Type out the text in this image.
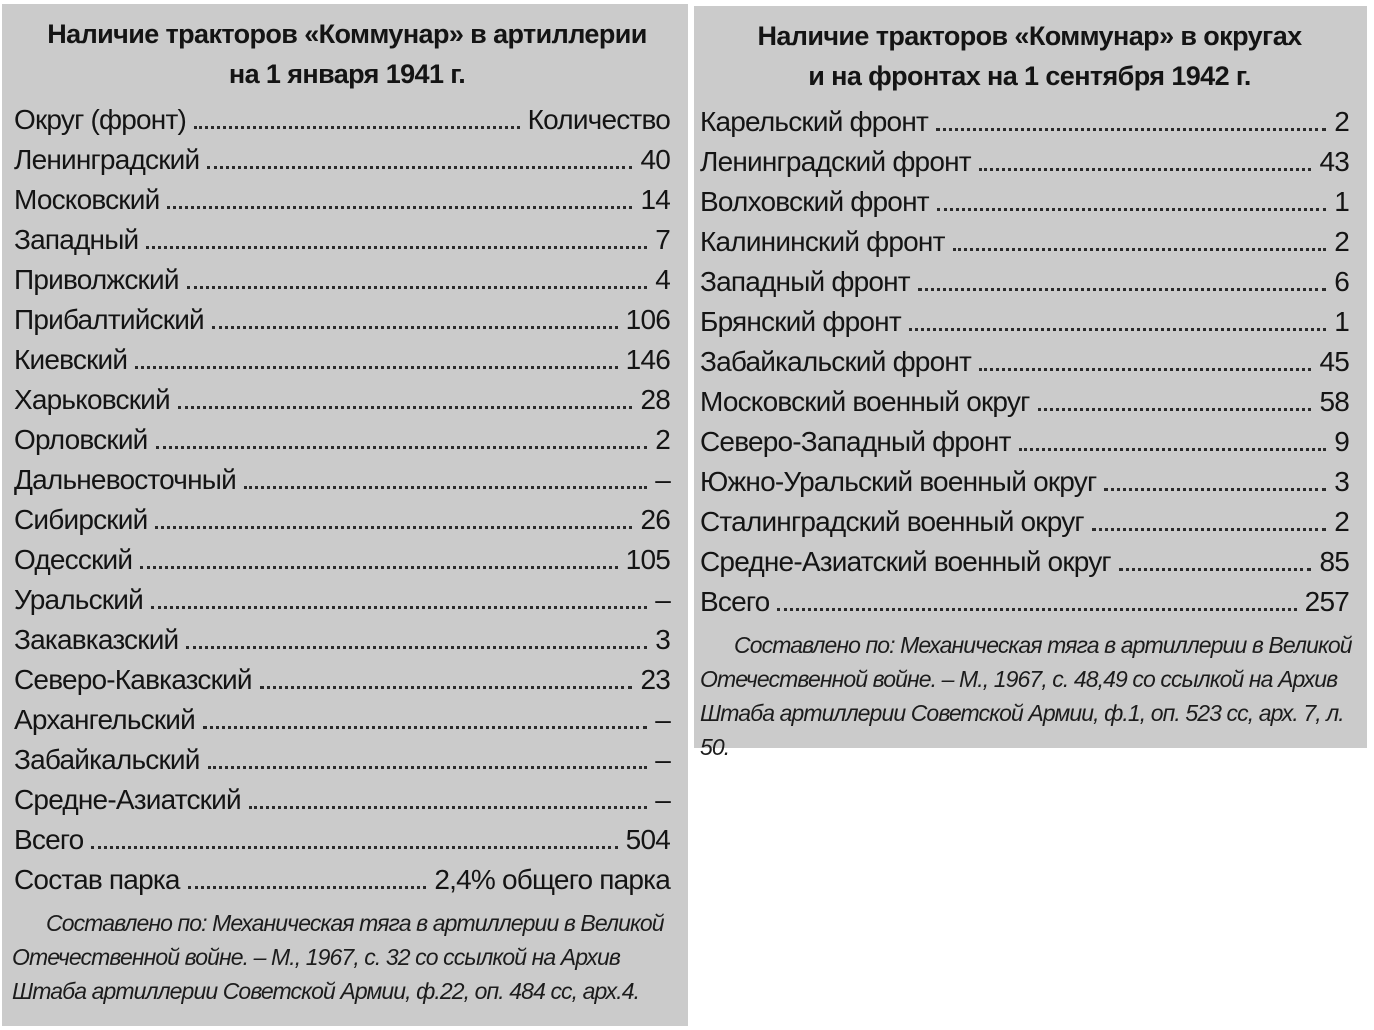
Наличие тракторов «Коммунар» в артиллерии
на 1 января 1941 г.
Округ (фронт)	Количество
Ленинградский	40
Московский	14
Западный	7
Приволжский	4
Прибалтийский	106
Киевский	146
Харьковский	28
Орловский	2
Дальневосточный	–
Сибирский	26
Одесский	105
Уральский	–
Закавказский	3
Северо-Кавказский	23
Архангельский	–
Забайкальский	–
Средне-Азиатский	–
Всего	504
Состав парка	2,4% общего парка
Составлено по: Механическая тяга в артиллерии в Великой Отечественной войне. – М., 1967, с. 32 со ссылкой на Архив Штаба артиллерии Советской Армии, ф.22, оп. 484 сс, арх.4.
Наличие тракторов «Коммунар» в округах
и на фронтах на 1 сентября 1942 г.
Карельский фронт	2
Ленинградский фронт	43
Волховский фронт	1
Калининский фронт	2
Западный фронт	6
Брянский фронт	1
Забайкальский фронт	45
Московский военный округ	58
Северо-Западный фронт	9
Южно-Уральский военный округ	3
Сталинградский военный округ	2
Средне-Азиатский военный округ	85
Всего	257
Составлено по: Механическая тяга в артиллерии в Великой Отечественной войне. – М., 1967, с. 48,49 со ссылкой на Архив Штаба артиллерии Советской Армии, ф.1, оп. 523 сс, арх. 7, л. 50.
